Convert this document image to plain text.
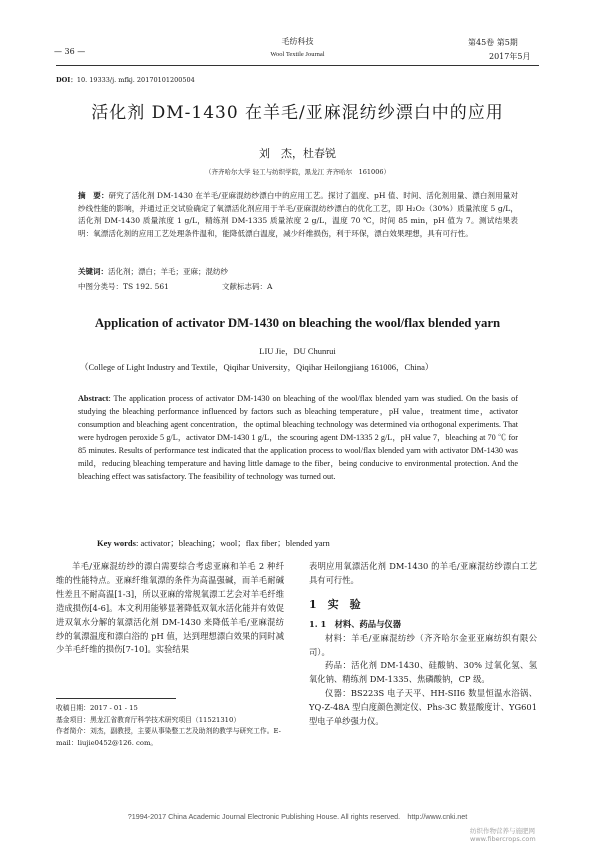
— 36 —
毛纺科技
Wool Textile Journal
第45卷 第5期
2017年5月
DOI：10. 19333/j. mfkj. 20170101200504
活化剂 DM-1430 在羊毛/亚麻混纺纱漂白中的应用
刘　杰，杜春锐
（齐齐哈尔大学 轻工与纺织学院，黑龙江 齐齐哈尔　161006）

摘　要：研究了活化剂 DM-1430 在羊毛/亚麻混纺纱漂白中的应用工艺。探讨了温度、pH 值、时间、活化剂用量、漂白剂用量对纱线性能的影响，并通过正交试验确定了氧漂活化剂应用于羊毛/亚麻混纺纱漂白的优化工艺，即 H₂O₂（30%）质量浓度 5 g/L，活化剂 DM-1430 质量浓度 1 g/L，精练剂 DM-1335 质量浓度 2 g/L，温度 70 ℃，时间 85 min，pH 值为 7。测试结果表明：氧漂活化剂的应用工艺处理条件温和，能降低漂白温度，减少纤维损伤，利于环保，漂白效果理想，具有可行性。

关键词：活化剂；漂白；羊毛；亚麻；混纺纱
中图分类号：TS 192. 561	文献标志码：A
Application of activator DM-1430 on bleaching the wool/flax blended yarn
LIU Jie，DU Chunrui
（College of Light Industry and Textile，Qiqihar University，Qiqihar Heilongjiang 161006，China）

Abstract: The application process of activator DM-1430 on bleaching of the wool/flax blended yarn was studied. On the basis of studying the bleaching performance influenced by factors such as bleaching temperature，pH value，treatment time，activator consumption and bleaching agent concentration，the optimal bleaching technology was determined via orthogonal experiments. That were hydrogen peroxide 5 g/L，activator DM-1430 1 g/L，the scouring agent DM-1335 2 g/L，pH value 7，bleaching at 70 ℃ for 85 minutes. Results of performance test indicated that the application process to wool/flax blended yarn with activator DM-1430 was mild，reducing bleaching temperature and having little damage to the fiber，being conducive to environmental protection. And the bleaching effect was satisfactory. The feasibility of technology was turned out.

Key words: activator；bleaching；wool；flax fiber；blended yarn

羊毛/亚麻混纺纱的漂白需要综合考虑亚麻和羊毛 2 种纤维的性能特点。亚麻纤维氧漂的条件为高温强碱，而羊毛耐碱性差且不耐高温[1-3]，所以亚麻的常规氧漂工艺会对羊毛纤维造成损伤[4-6]。本文利用能够显著降低双氧水活化能并有效促进双氧水分解的氧漂活化剂 DM-1430 来降低羊毛/亚麻混纺纱的氧漂温度和漂白浴的 pH 值，达到理想漂白效果的同时减少羊毛纤维的损伤[7-10]。实验结果

收稿日期：2017 - 01 - 15
基金项目：黑龙江省教育厅科学技术研究项目（11521310）
作者简介：刘杰，副教授，主要从事染整工艺及助剂的教学与研究工作。E-mail：liujie0452@126. com。

表明应用氧漂活化剂 DM-1430 的羊毛/亚麻混纺纱漂白工艺具有可行性。

1　实　验

1. 1　材料、药品与仪器

材料：羊毛/亚麻混纺纱（齐齐哈尔金亚亚麻纺织有限公司）。

药品：活化剂 DM-1430、硅酸钠、30% 过氧化氢、氢氧化钠、精练剂 DM-1335、焦磷酸钠，CP 级。

仪器：BS223S 电子天平、HH-SII6 数显恒温水浴锅、YQ-Z-48A 型白度颜色测定仪、Phs-3C 数显酸度计、YG601 型电子单纱强力仪。

?1994-2017 China Academic Journal Electronic Publishing House. All rights reserved.　http://www.cnki.net
纺织作物营养与施肥网　www.fibercrops.com
